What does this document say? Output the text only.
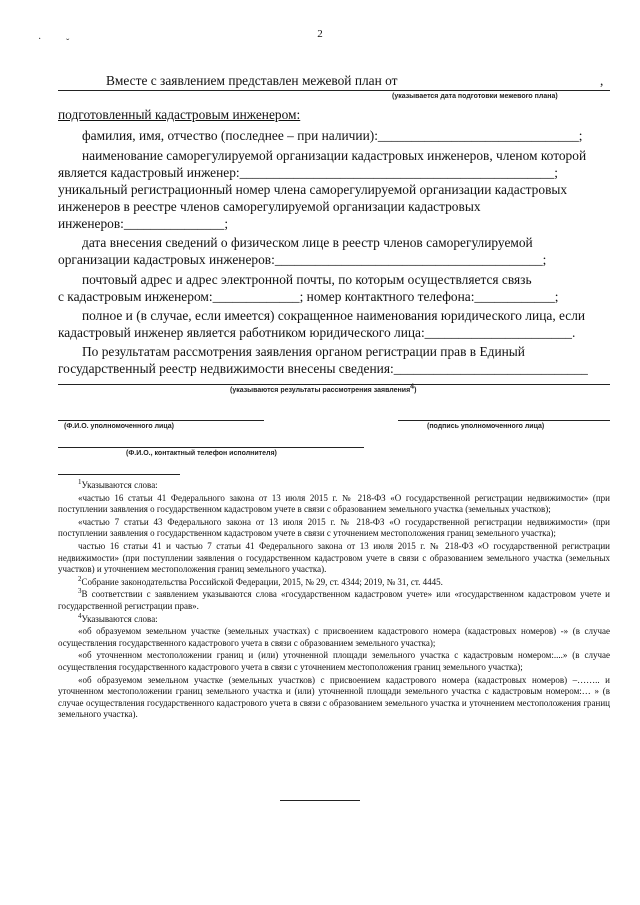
· ˇ
2
Вместе с заявлением представлен межевой план от	,
(указывается дата подготовки межевого плана)
подготовленный кадастровым инженером:
фамилия, имя, отчество (последнее – при наличии):______________________________;
наименование саморегулируемой организации кадастровых инженеров, членом которой
является кадастровый инженер:_______________________________________________;
уникальный регистрационный номер члена саморегулируемой организации кадастровых
инженеров в реестре членов саморегулируемой организации кадастровых
инженеров:_______________;
дата внесения сведений о физическом лице в реестр членов саморегулируемой
организации кадастровых инженеров:________________________________________;
почтовый адрес и адрес электронной почты, по которым осуществляется связь
с кадастровым инженером:_____________; номер контактного телефона:____________;
полное и (в случае, если имеется) сокращенное наименования юридического лица, если
кадастровый инженер является работником юридического лица:______________________.
По результатам рассмотрения заявления органом регистрации прав в Единый
государственный реестр недвижимости внесены сведения:_____________________________
(указываются результаты рассмотрения заявления$^4$)
(Ф.И.О. уполномоченного лица)	(подпись уполномоченного лица)
(Ф.И.О., контактный телефон исполнителя)

$^1$Указываются слова:

«частью 16 статьи 41 Федерального закона от 13 июля 2015 г. № 218-ФЗ «О государственной регистрации недвижимости» (при поступлении заявления о государственном кадастровом учете в связи с образованием земельного участка (земельных участков);

«частью 7 статьи 43 Федерального закона от 13 июля 2015 г. № 218-ФЗ «О государственной регистрации недвижимости» (при поступлении заявления о государственном кадастровом учете в связи с уточнением местоположения границ земельного участка);

частью 16 статьи 41 и частью 7 статьи 41 Федерального закона от 13 июля 2015 г. № 218-ФЗ «О государственной регистрации недвижимости» (при поступлении заявления о государственном кадастровом учете в связи с образованием земельного участка (земельных участков) и уточнением местоположения границ земельного участка).

$^2$Собрание законодательства Российской Федерации, 2015, № 29, ст. 4344; 2019, № 31, ст. 4445.

$^3$В соответствии с заявлением указываются слова «государственном кадастровом учете» или «государственном кадастровом учете и государственной регистрации прав».

$^4$Указываются слова:

«об образуемом земельном участке (земельных участках) с присвоением кадастрового номера (кадастровых номеров) -» (в случае осуществления государственного кадастрового учета в связи с образованием земельного участка);

«об уточненном местоположении границ и (или) уточненной площади земельного участка с кадастровым номером:....» (в случае осуществления государственного кадастрового учета в связи с уточнением местоположения границ земельного участка);

«об образуемом земельном участке (земельных участков) с присвоением кадастрового номера (кадастровых номеров) –…….. и уточненном местоположении границ земельного участка и (или) уточненной площади земельного участка с кадастровым номером:… » (в случае осуществления государственного кадастрового учета в связи с образованием земельного участка и уточнением местоположения границ земельного участка).
